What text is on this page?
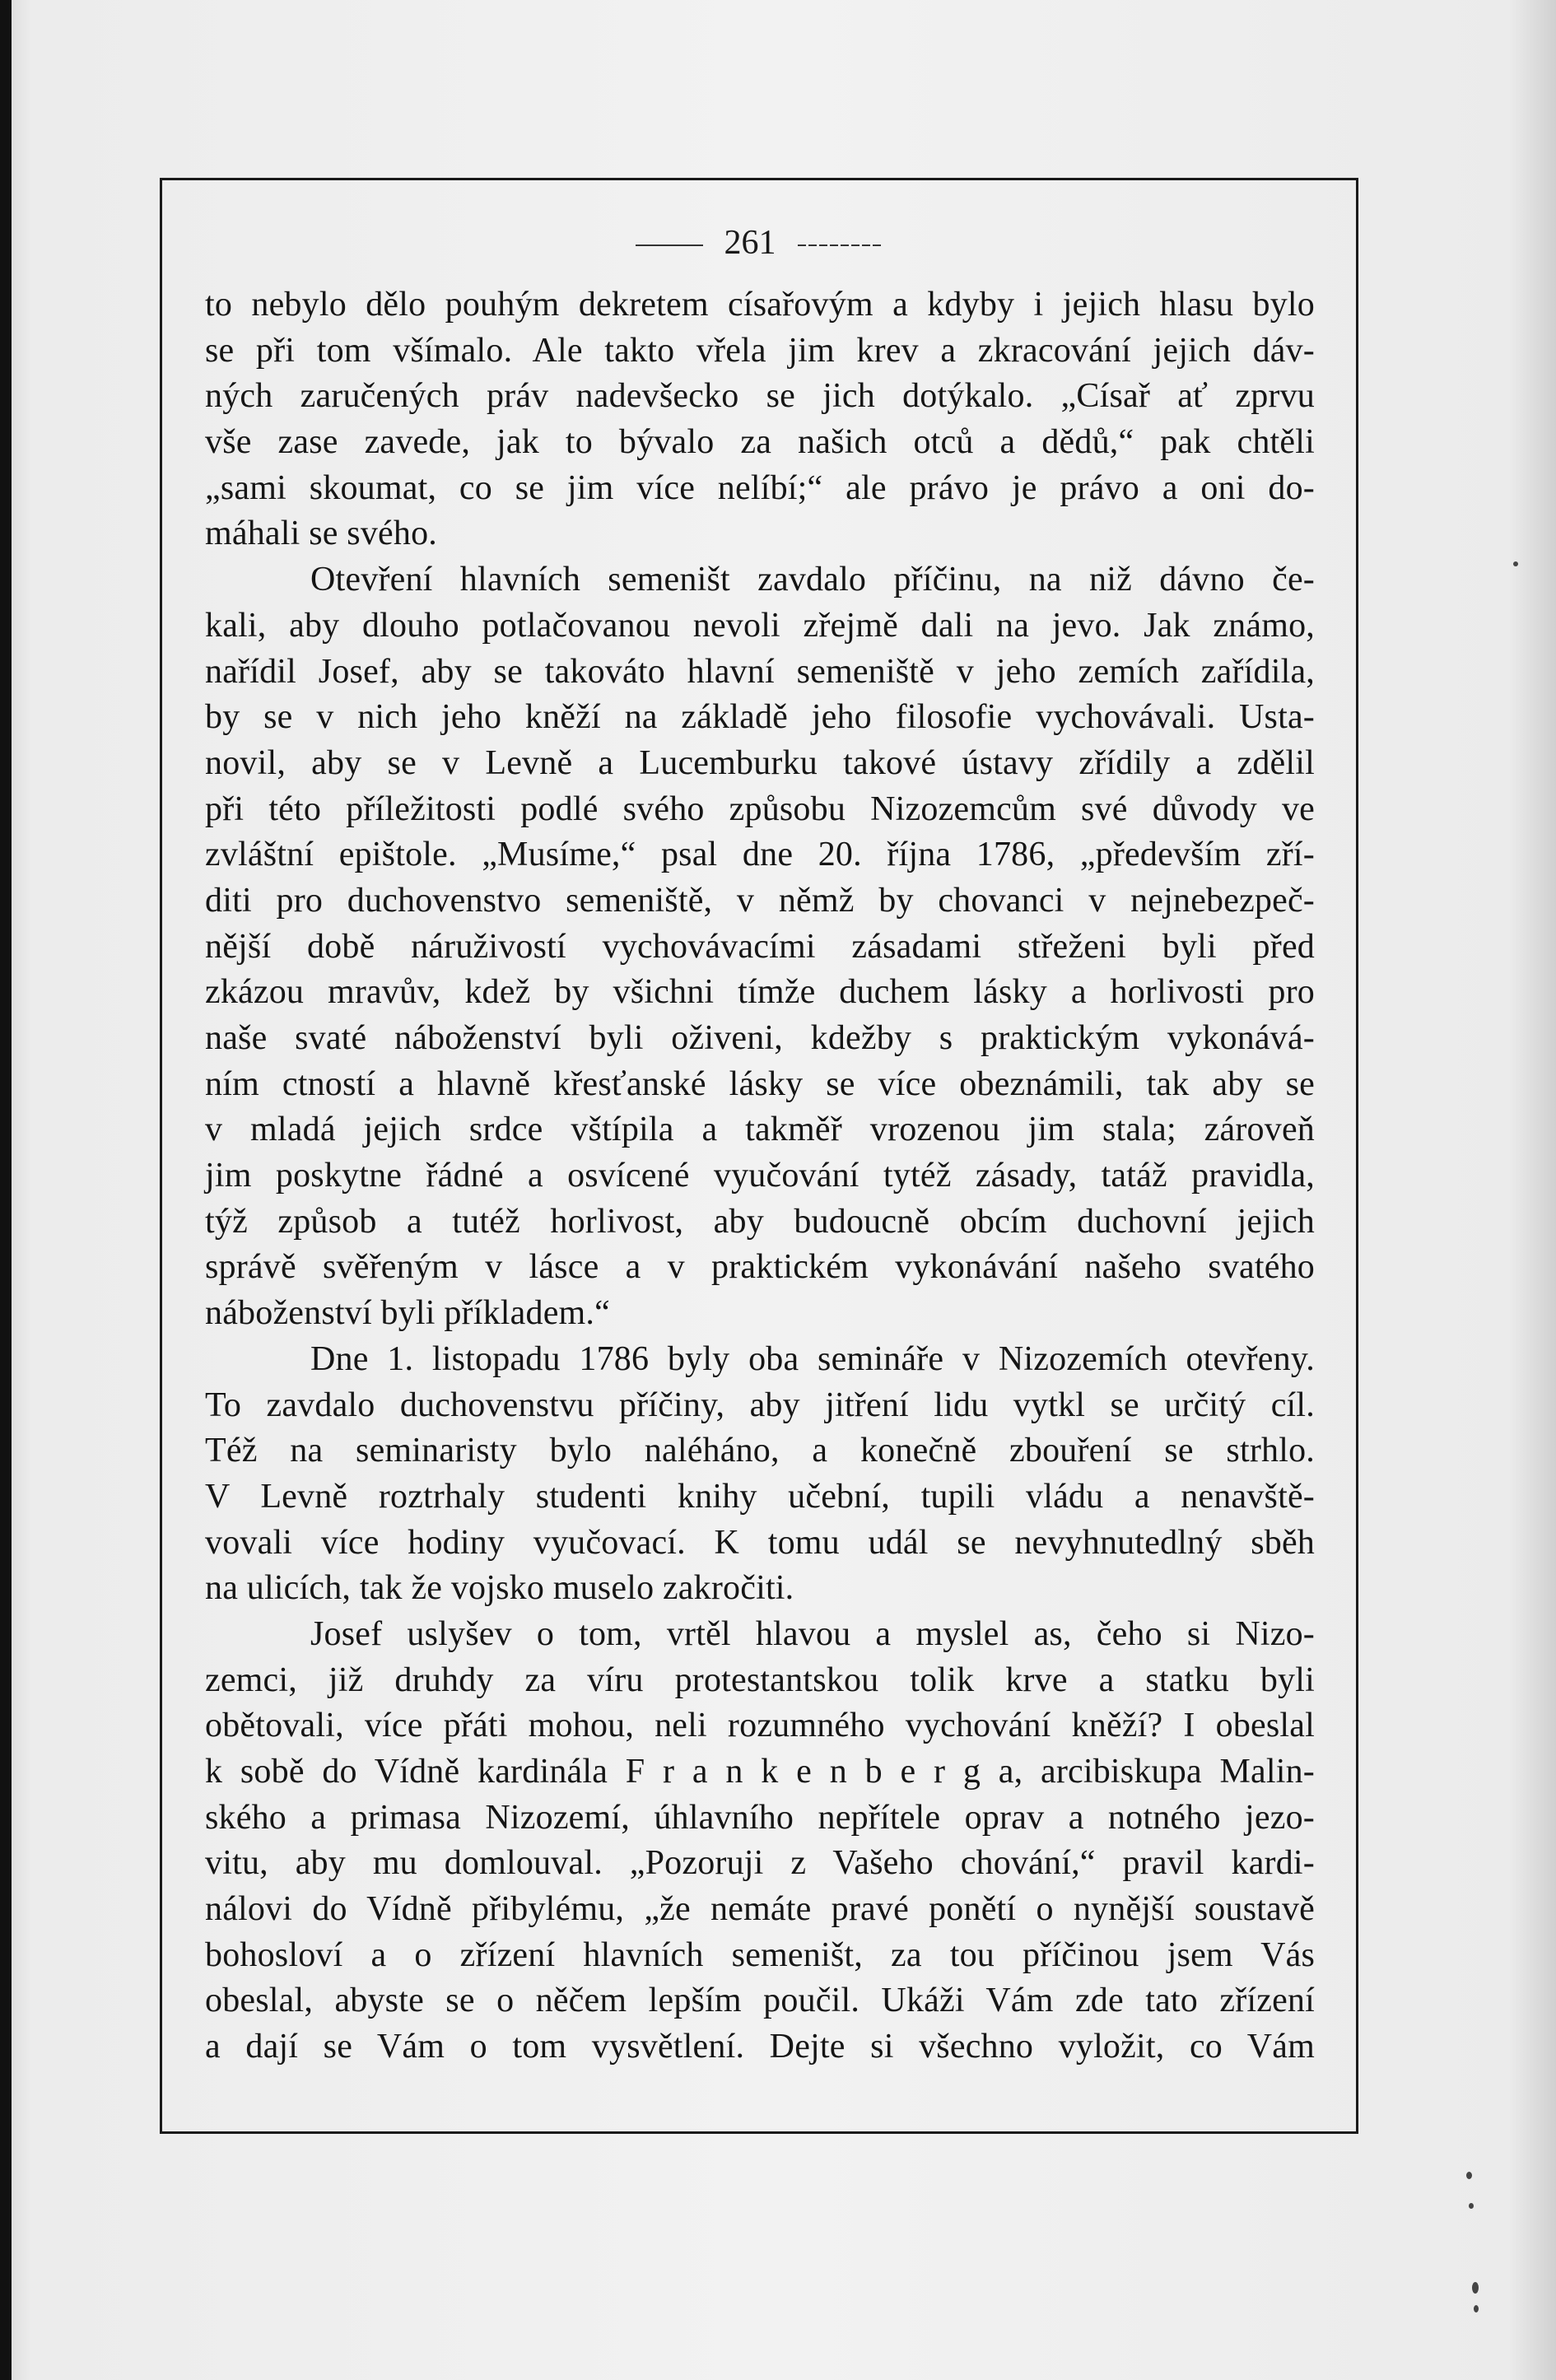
261
to nebylo dělo pouhým dekretem císařovým a kdyby i jejich hlasu bylo
se při tom všímalo. Ale takto vřela jim krev a zkracování jejich dáv-
ných zaručených práv nadevšecko se jich dotýkalo. „Císař ať zprvu
vše zase zavede, jak to bývalo za našich otců a dědů,“ pak chtěli
„sami skoumat, co se jim více nelíbí;“ ale právo je právo a oni do-
máhali se svého.
Otevření hlavních semeništ zavdalo příčinu, na niž dávno če-
kali, aby dlouho potlačovanou nevoli zřejmě dali na jevo. Jak známo,
nařídil Josef, aby se takováto hlavní semeniště v jeho zemích zařídila,
by se v nich jeho kněží na základě jeho filosofie vychovávali. Usta-
novil, aby se v Levně a Lucemburku takové ústavy zřídily a zdělil
při této příležitosti podlé svého způsobu Nizozemcům své důvody ve
zvláštní epištole. „Musíme,“ psal dne 20. října 1786, „především zří-
diti pro duchovenstvo semeniště, v němž by chovanci v nejnebezpeč-
nější době náruživostí vychovávacími zásadami střeženi byli před
zkázou mravův, kdež by všichni tímže duchem lásky a horlivosti pro
naše svaté náboženství byli oživeni, kdežby s praktickým vykonává-
ním ctností a hlavně křesťanské lásky se více obeznámili, tak aby se
v mladá jejich srdce vštípila a takměř vrozenou jim stala; zároveň
jim poskytne řádné a osvícené vyučování tytéž zásady, tatáž pravidla,
týž způsob a tutéž horlivost, aby budoucně obcím duchovní jejich
správě svěřeným v lásce a v praktickém vykonávání našeho svatého
náboženství byli příkladem.“
Dne 1. listopadu 1786 byly oba semináře v Nizozemích otevřeny.
To zavdalo duchovenstvu příčiny, aby jitření lidu vytkl se určitý cíl.
Též na seminaristy bylo naléháno, a konečně zbouření se strhlo.
V Levně roztrhaly studenti knihy učební, tupili vládu a nenavště-
vovali více hodiny vyučovací. K tomu udál se nevyhnutedlný sběh
na ulicích, tak že vojsko muselo zakročiti.
Josef uslyšev o tom, vrtěl hlavou a myslel as, čeho si Nizo-
zemci, již druhdy za víru protestantskou tolik krve a statku byli
obětovali, více přáti mohou, neli rozumného vychování kněží? I obeslal
k sobě do Vídně kardinála F r a n k e n b e r g a, arcibiskupa Malin-
ského a primasa Nizozemí, úhlavního nepřítele oprav a notného jezo-
vitu, aby mu domlouval. „Pozoruji z Vašeho chování,“ pravil kardi-
nálovi do Vídně přibylému, „že nemáte pravé ponětí o nynější soustavě
bohosloví a o zřízení hlavních semeništ, za tou příčinou jsem Vás
obeslal, abyste se o něčem lepším poučil. Ukáži Vám zde tato zřízení
a dají se Vám o tom vysvětlení. Dejte si všechno vyložit, co Vám
